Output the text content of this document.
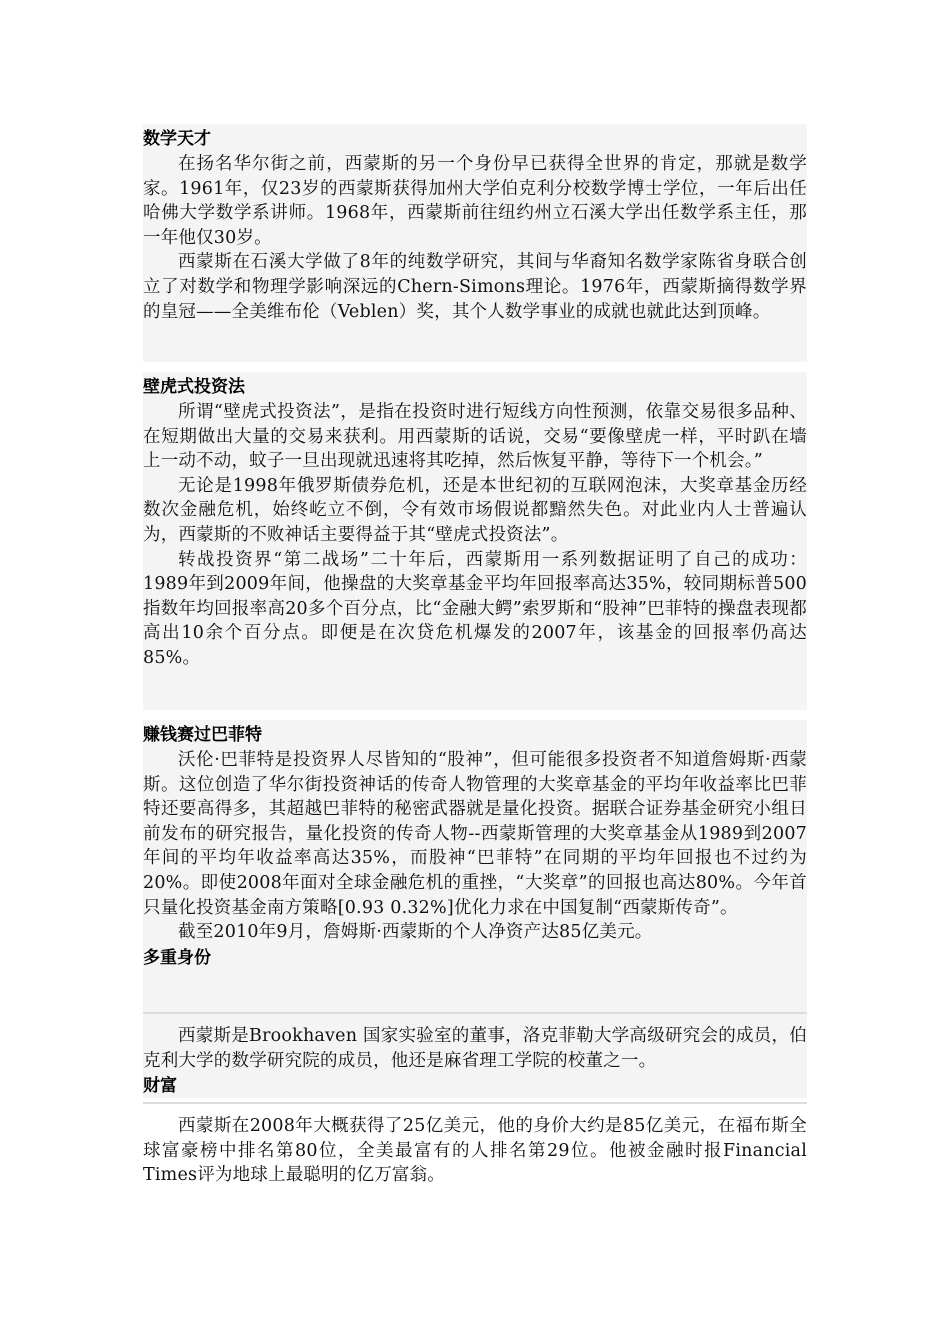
数学天才

在扬名华尔街之前，西蒙斯的另一个身份早已获得全世界的肯定，那就是数学家。1961年，仅23岁的西蒙斯获得加州大学伯克利分校数学博士学位，一年后出任哈佛大学数学系讲师。1968年，西蒙斯前往纽约州立石溪大学出任数学系主任，那一年他仅30岁。

西蒙斯在石溪大学做了8年的纯数学研究，其间与华裔知名数学家陈省身联合创立了对数学和物理学影响深远的Chern-Simons理论。1976年，西蒙斯摘得数学界的皇冠——全美维布伦（Veblen）奖，其个人数学事业的成就也就此达到顶峰。

壁虎式投资法

所谓“壁虎式投资法”，是指在投资时进行短线方向性预测，依靠交易很多品种、在短期做出大量的交易来获利。用西蒙斯的话说，交易“要像壁虎一样，平时趴在墙上一动不动，蚊子一旦出现就迅速将其吃掉，然后恢复平静，等待下一个机会。”

无论是1998年俄罗斯债券危机，还是本世纪初的互联网泡沫，大奖章基金历经数次金融危机，始终屹立不倒，令有效市场假说都黯然失色。对此业内人士普遍认为，西蒙斯的不败神话主要得益于其“壁虎式投资法”。

转战投资界“第二战场”二十年后，西蒙斯用一系列数据证明了自己的成功：1989年到2009年间，他操盘的大奖章基金平均年回报率高达35%，较同期标普500指数年均回报率高20多个百分点，比“金融大鳄”索罗斯和“股神”巴菲特的操盘表现都高出10余个百分点。即便是在次贷危机爆发的2007年，该基金的回报率仍高达85%。

赚钱赛过巴菲特

沃伦·巴菲特是投资界人尽皆知的“股神”，但可能很多投资者不知道詹姆斯·西蒙斯。这位创造了华尔街投资神话的传奇人物管理的大奖章基金的平均年收益率比巴菲特还要高得多，其超越巴菲特的秘密武器就是量化投资。据联合证券基金研究小组日前发布的研究报告，量化投资的传奇人物--西蒙斯管理的大奖章基金从1989到2007年间的平均年收益率高达35%，而股神“巴菲特”在同期的平均年回报也不过约为20%。即使2008年面对全球金融危机的重挫，“大奖章”的回报也高达80%。今年首只量化投资基金南方策略[0.93 0.32%]优化力求在中国复制“西蒙斯传奇”。

截至2010年9月，詹姆斯·西蒙斯的个人净资产达85亿美元。

多重身份

西蒙斯是Brookhaven 国家实验室的董事，洛克菲勒大学高级研究会的成员，伯克利大学的数学研究院的成员，他还是麻省理工学院的校董之一。

财富

西蒙斯在2008年大概获得了25亿美元，他的身价大约是85亿美元，在福布斯全球富豪榜中排名第80位，全美最富有的人排名第29位。他被金融时报Financial Times评为地球上最聪明的亿万富翁。
